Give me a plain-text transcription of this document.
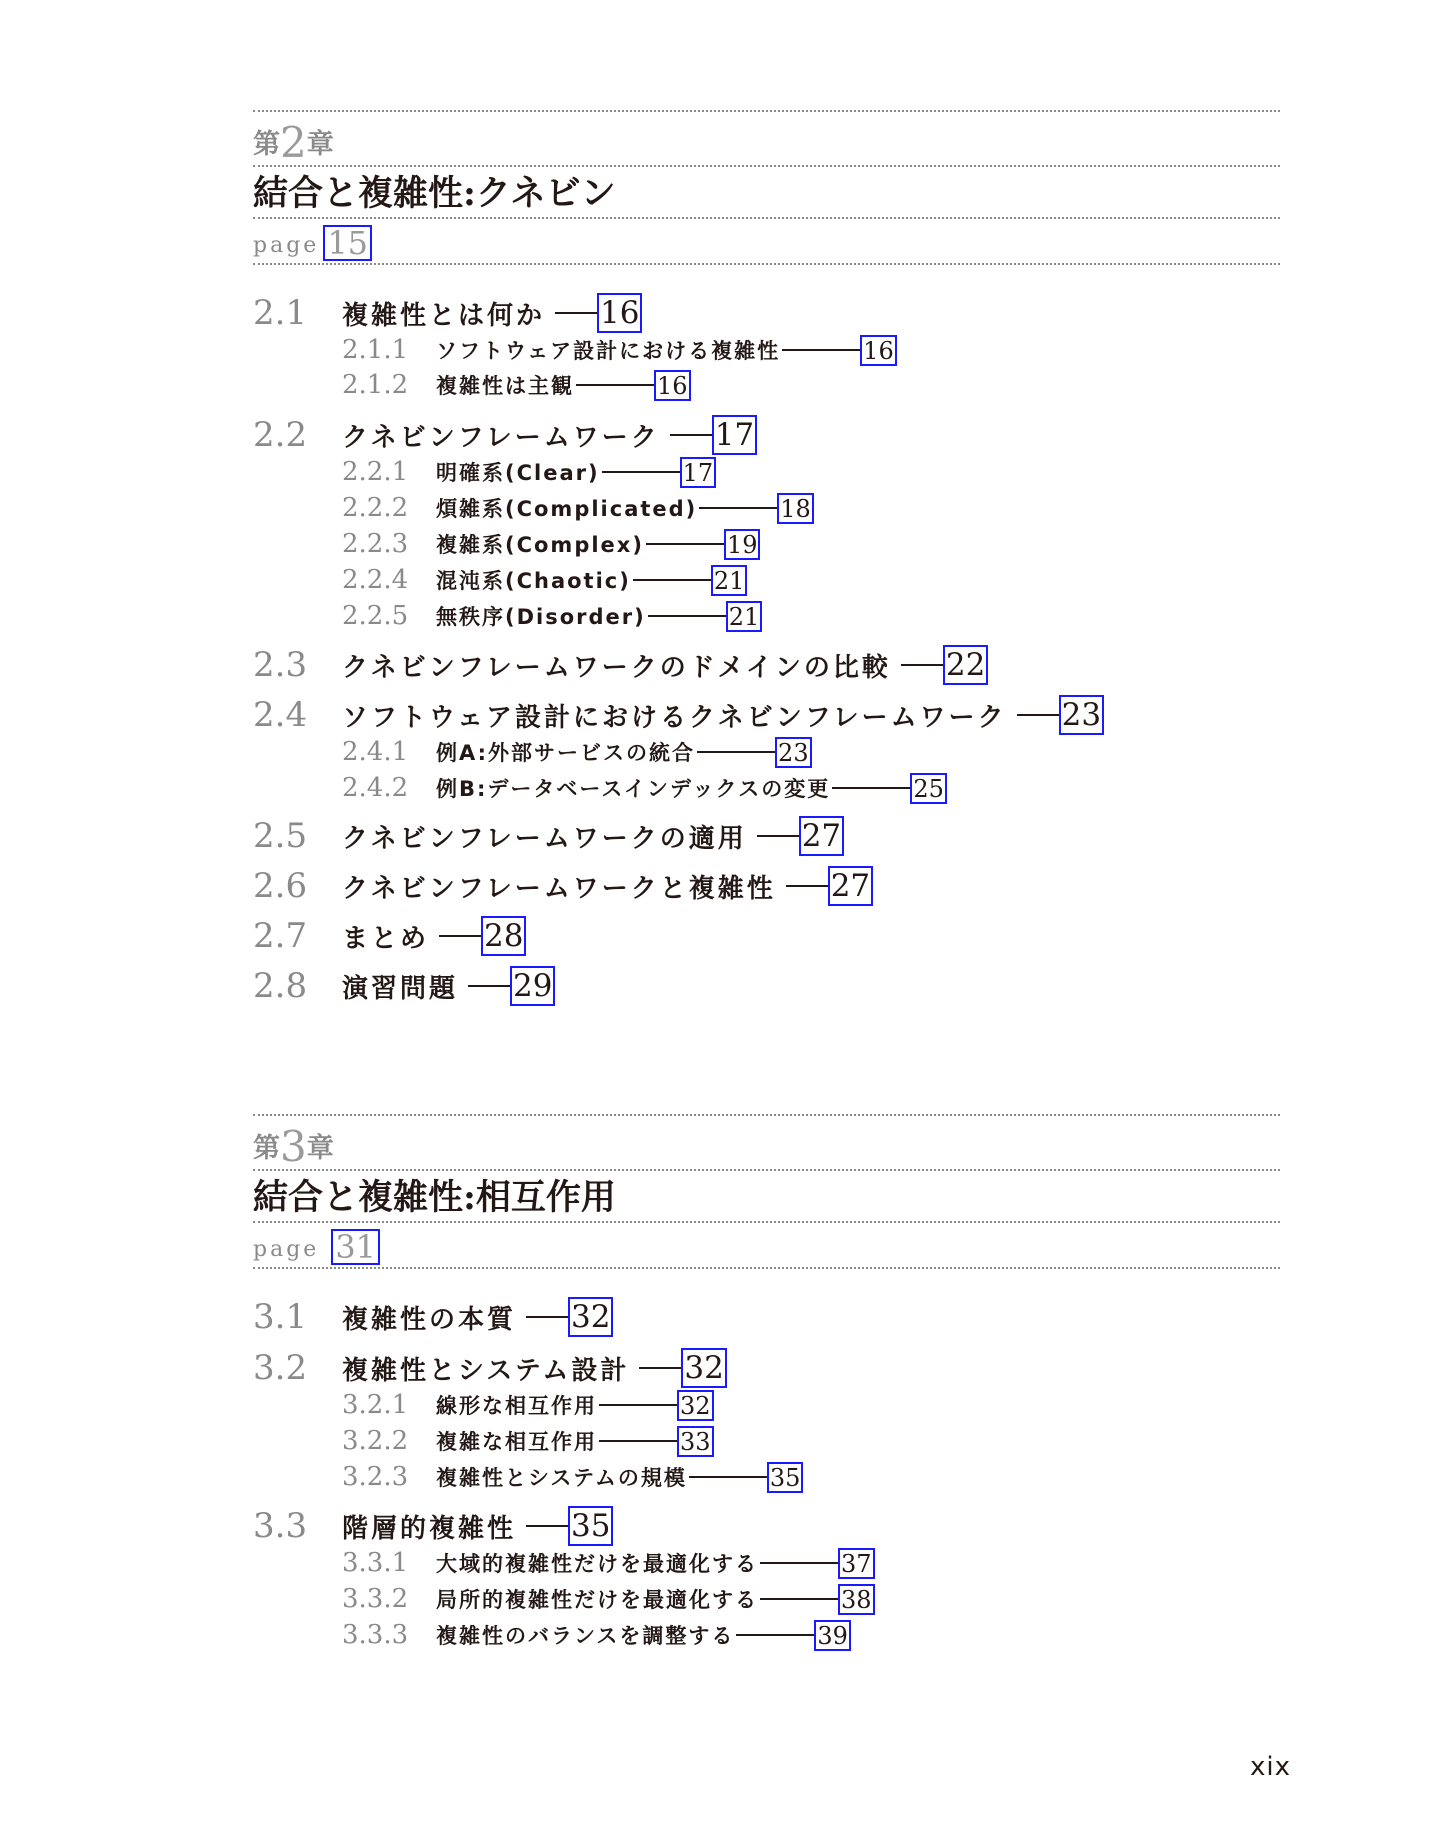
第2章
結合と複雑性:クネビン
page 15
2.1	複雑性とは何か 16
2.1.1	ソフトウェア設計における複雑性	16
2.1.2	複雑性は主観	16
2.2	クネビンフレームワーク 17
2.2.1	明確系(Clear)	17
2.2.2	煩雑系(Complicated)	18
2.2.3	複雑系(Complex)	19
2.2.4	混沌系(Chaotic)	21
2.2.5	無秩序(Disorder)	21
2.3	クネビンフレームワークのドメインの比較 22
2.4	ソフトウェア設計におけるクネビンフレームワーク 23
2.4.1	例A:外部サービスの統合	23
2.4.2	例B:データベースインデックスの変更	25
2.5	クネビンフレームワークの適用 27
2.6	クネビンフレームワークと複雑性 27
2.7	まとめ 28
2.8	演習問題 29
第3章
結合と複雑性:相互作用
page 31
3.1	複雑性の本質 32
3.2	複雑性とシステム設計 32
3.2.1	線形な相互作用	32
3.2.2	複雑な相互作用	33
3.2.3	複雑性とシステムの規模	35
3.3	階層的複雑性 35
3.3.1	大域的複雑性だけを最適化する	37
3.3.2	局所的複雑性だけを最適化する	38
3.3.3	複雑性のバランスを調整する	39
xix
